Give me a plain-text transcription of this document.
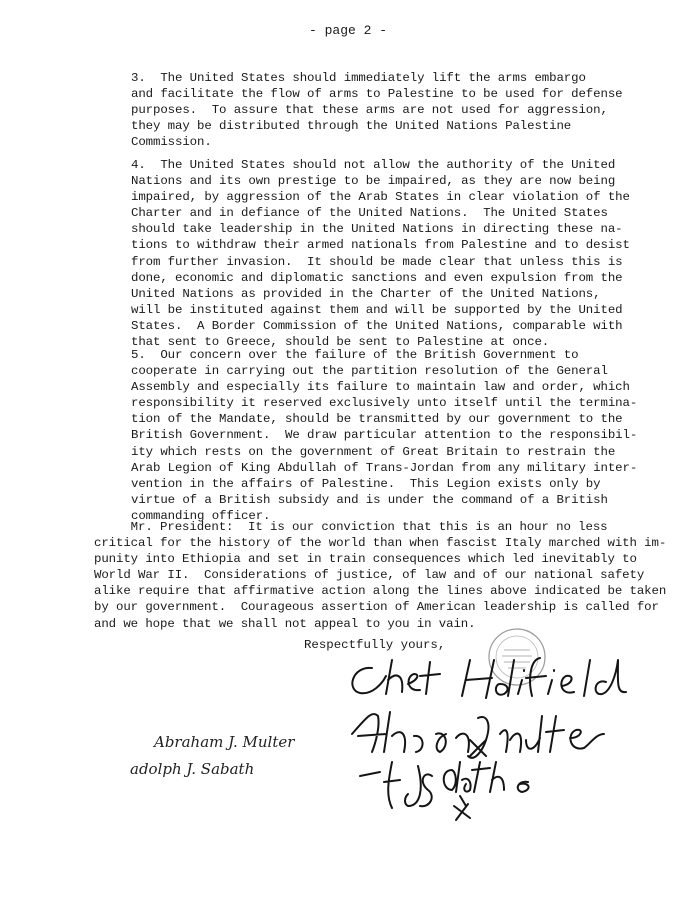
- page 2 -

3.  The United States should immediately lift the arms embargo
and facilitate the flow of arms to Palestine to be used for defense
purposes.  To assure that these arms are not used for aggression,
they may be distributed through the United Nations Palestine
Commission.

4.  The United States should not allow the authority of the United
Nations and its own prestige to be impaired, as they are now being
impaired, by aggression of the Arab States in clear violation of the
Charter and in defiance of the United Nations.  The United States
should take leadership in the United Nations in directing these na-
tions to withdraw their armed nationals from Palestine and to desist
from further invasion.  It should be made clear that unless this is
done, economic and diplomatic sanctions and even expulsion from the
United Nations as provided in the Charter of the United Nations,
will be instituted against them and will be supported by the United
States.  A Border Commission of the United Nations, comparable with
that sent to Greece, should be sent to Palestine at once.

5.  Our concern over the failure of the British Government to
cooperate in carrying out the partition resolution of the General
Assembly and especially its failure to maintain law and order, which
responsibility it reserved exclusively unto itself until the termina-
tion of the Mandate, should be transmitted by our government to the
British Government.  We draw particular attention to the responsibil-
ity which rests on the government of Great Britain to restrain the
Arab Legion of King Abdullah of Trans-Jordan from any military inter-
vention in the affairs of Palestine.  This Legion exists only by
virtue of a British subsidy and is under the command of a British
commanding officer.

Mr. President:  It is our conviction that this is an hour no less
critical for the history of the world than when fascist Italy marched with im-
punity into Ethiopia and set in train consequences which led inevitably to
World War II.  Considerations of justice, of law and of our national safety
alike require that affirmative action along the lines above indicated be taken
by our government.  Courageous assertion of American leadership is called for
and we hope that we shall not appeal to you in vain.

Respectfully yours,
Abraham J. Multer
adolph J. Sabath
